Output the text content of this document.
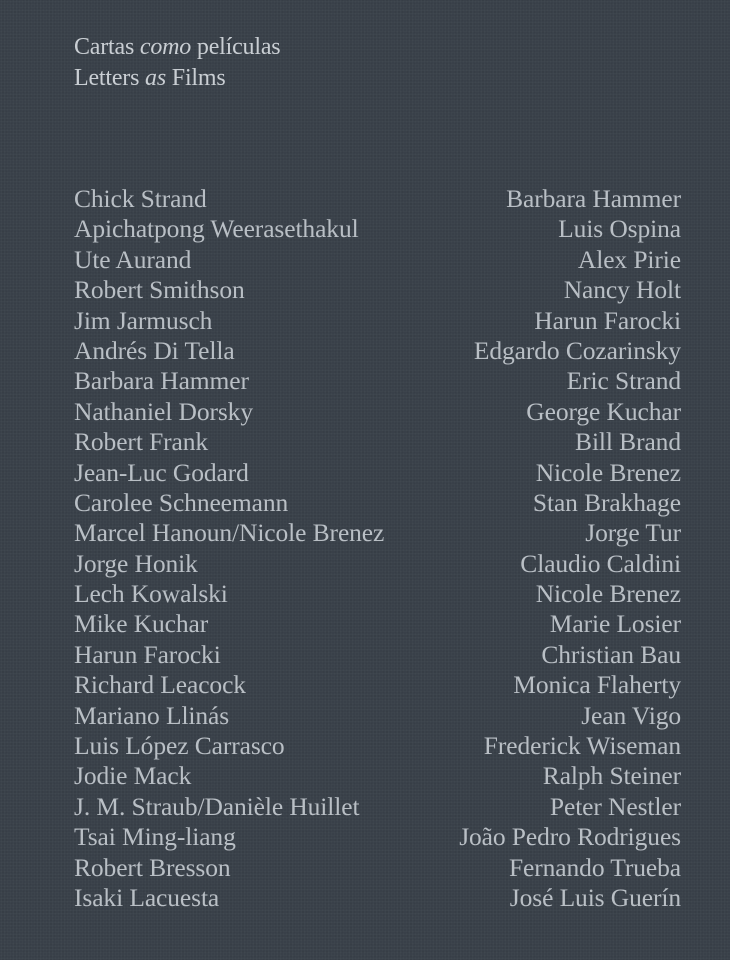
Cartas como películas
Letters as Films
Chick Strand
Apichatpong Weerasethakul
Ute Aurand
Robert Smithson
Jim Jarmusch
Andrés Di Tella
Barbara Hammer
Nathaniel Dorsky
Robert Frank
Jean-Luc Godard
Carolee Schneemann
Marcel Hanoun/Nicole Brenez
Jorge Honik
Lech Kowalski
Mike Kuchar
Harun Farocki
Richard Leacock
Mariano Llinás
Luis López Carrasco
Jodie Mack
J. M. Straub/Danièle Huillet
Tsai Ming-liang
Robert Bresson
Isaki Lacuesta
Barbara Hammer
Luis Ospina
Alex Pirie
Nancy Holt
Harun Farocki
Edgardo Cozarinsky
Eric Strand
George Kuchar
Bill Brand
Nicole Brenez
Stan Brakhage
Jorge Tur
Claudio Caldini
Nicole Brenez
Marie Losier
Christian Bau
Monica Flaherty
Jean Vigo
Frederick Wiseman
Ralph Steiner
Peter Nestler
João Pedro Rodrigues
Fernando Trueba
José Luis Guerín
